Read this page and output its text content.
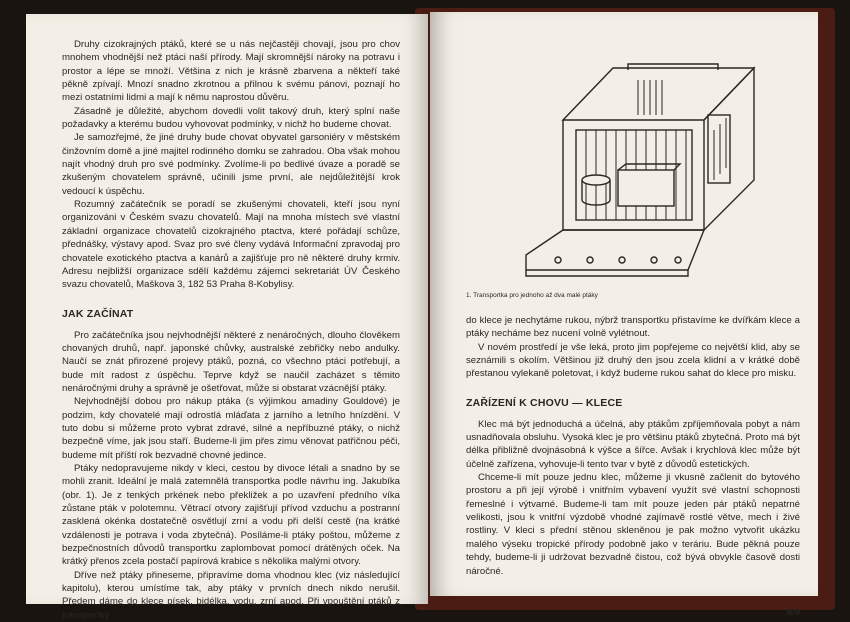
Druhy cizokrajných ptáků, které se u nás nejčastěji chovají, jsou pro chov mnohem vhodnější než ptáci naší přírody. Mají skromnější nároky na potravu i prostor a lépe se množí. Většina z nich je krásně zbarvena a někteří také pěkně zpívají. Mnozí snadno zkrotnou a přilnou k svému pánovi, poznají ho mezi ostatními lidmi a mají k němu naprostou důvěru.

Zásadně je důležité, abychom dovedli volit takový druh, který splní naše požadavky a kterému budou vyhovovat podmínky, v nichž ho budeme chovat.

Je samozřejmé, že jiné druhy bude chovat obyvatel garsoniéry v městském činžovním domě a jiné majitel rodinného domku se zahradou. Oba však mohou najít vhodný druh pro své podmínky. Zvolíme-li po bedlivé úvaze a poradě se zkušeným chovatelem správně, učinili jsme první, ale nejdůležitější krok vedoucí k úspěchu.

Rozumný začátečník se poradí se zkušenými chovateli, kteří jsou nyní organizováni v Českém svazu chovatelů. Mají na mnoha místech své vlastní základní organizace chovatelů cizokrajného ptactva, které pořádají schůze, přednášky, výstavy apod. Svaz pro své členy vydává Informační zpravodaj pro chovatele exotického ptactva a kanárů a zajišťuje pro ně některé druhy krmiv. Adresu nejbližší organizace sdělí každému zájemci sekretariát ÚV Českého svazu chovatelů, Maškova 3, 182 53 Praha 8-Kobylisy.

JAK ZAČÍNAT

Pro začátečníka jsou nejvhodnější některé z nenáročných, dlouho člověkem chovaných druhů, např. japonské chůvky, australské zebřičky nebo andulky. Naučí se znát přirozené projevy ptáků, pozná, co všechno ptáci potřebují, a bude mít radost z úspěchu. Teprve když se naučil zacházet s těmito nenáročnými druhy a správně je ošetřovat, může si obstarat vzácnější ptáky.

Nejvhodnější dobou pro nákup ptáka (s výjimkou amadiny Gouldové) je podzim, kdy chovatelé mají odrostlá mláďata z jarního a letního hnízdění. V tuto dobu si můžeme proto vybrat zdravé, silné a nepříbuzné ptáky, o nichž bezpečně víme, jak jsou staří. Budeme-li jim přes zimu věnovat patřičnou péči, budeme mít příští rok bezvadné chovné jedince.

Ptáky nedopravujeme nikdy v kleci, cestou by divoce létali a snadno by se mohli zranit. Ideální je malá zatemnělá transportka podle návrhu ing. Jakubíka (obr. 1). Je z tenkých prkének nebo překližek a po uzavření předního víka zůstane pták v polotemnu. Větrací otvory zajišťují přívod vzduchu a postranní zasklená okénka dostatečně osvětlují zrní a vodu při delší cestě (na krátké vzdálenosti je potrava i voda zbytečná). Posíláme-li ptáky poštou, můžeme z bezpečnostních důvodů transportku zaplombovat pomocí drátěných oček. Na krátký přenos zcela postačí papírová krabice s několika malými otvory.

Dříve než ptáky přineseme, připravíme doma vhodnou klec (viz následující kapitolu), kterou umístíme tak, aby ptáky v prvních dnech nikdo nerušil. Předem dáme do klece písek, bidélka, vodu, zrní apod. Při vpouštění ptáků z transportky

1. Transportka pro jednoho až dva malé ptáky

do klece je nechytáme rukou, nýbrž transportku přistavíme ke dvířkám klece a ptáky necháme bez nucení volně vylétnout.

V novém prostředí je vše leká, proto jim popřejeme co největší klid, aby se seznámili s okolím. Většinou již druhý den jsou zcela klidní a v krátké době přestanou vylekaně poletovat, i když budeme rukou sahat do klece pro misku.

ZAŘÍZENÍ K CHOVU — KLECE

Klec má být jednoduchá a účelná, aby ptákům zpříjemňovala pobyt a nám usnadňovala obsluhu. Vysoká klec je pro většinu ptáků zbytečná. Proto má být délka přibližně dvojnásobná k výšce a šířce. Avšak i krychlová klec může být účelně zařízena, vyhovuje-li tento tvar v bytě z důvodů estetických.

Chceme-li mít pouze jednu klec, můžeme ji vkusně začlenit do bytového prostoru a při její výrobě i vnitřním vybavení využít své vlastní schopnosti řemeslné i výtvarné. Budeme-li tam mít pouze jeden pár ptáků nepatrné velikosti, jsou k vnitřní výzdobě vhodné zajímavě rostlé větve, mech i živé rostliny. V kleci s přední stěnou skleněnou je pak možno vytvořit ukázku malého výseku tropické přírody podobně jako v teráriu. Bude pěkná pouze tehdy, budeme-li ji udržovat bezvadně čistou, což bývá obvykle časově dosti náročné.

8/9
